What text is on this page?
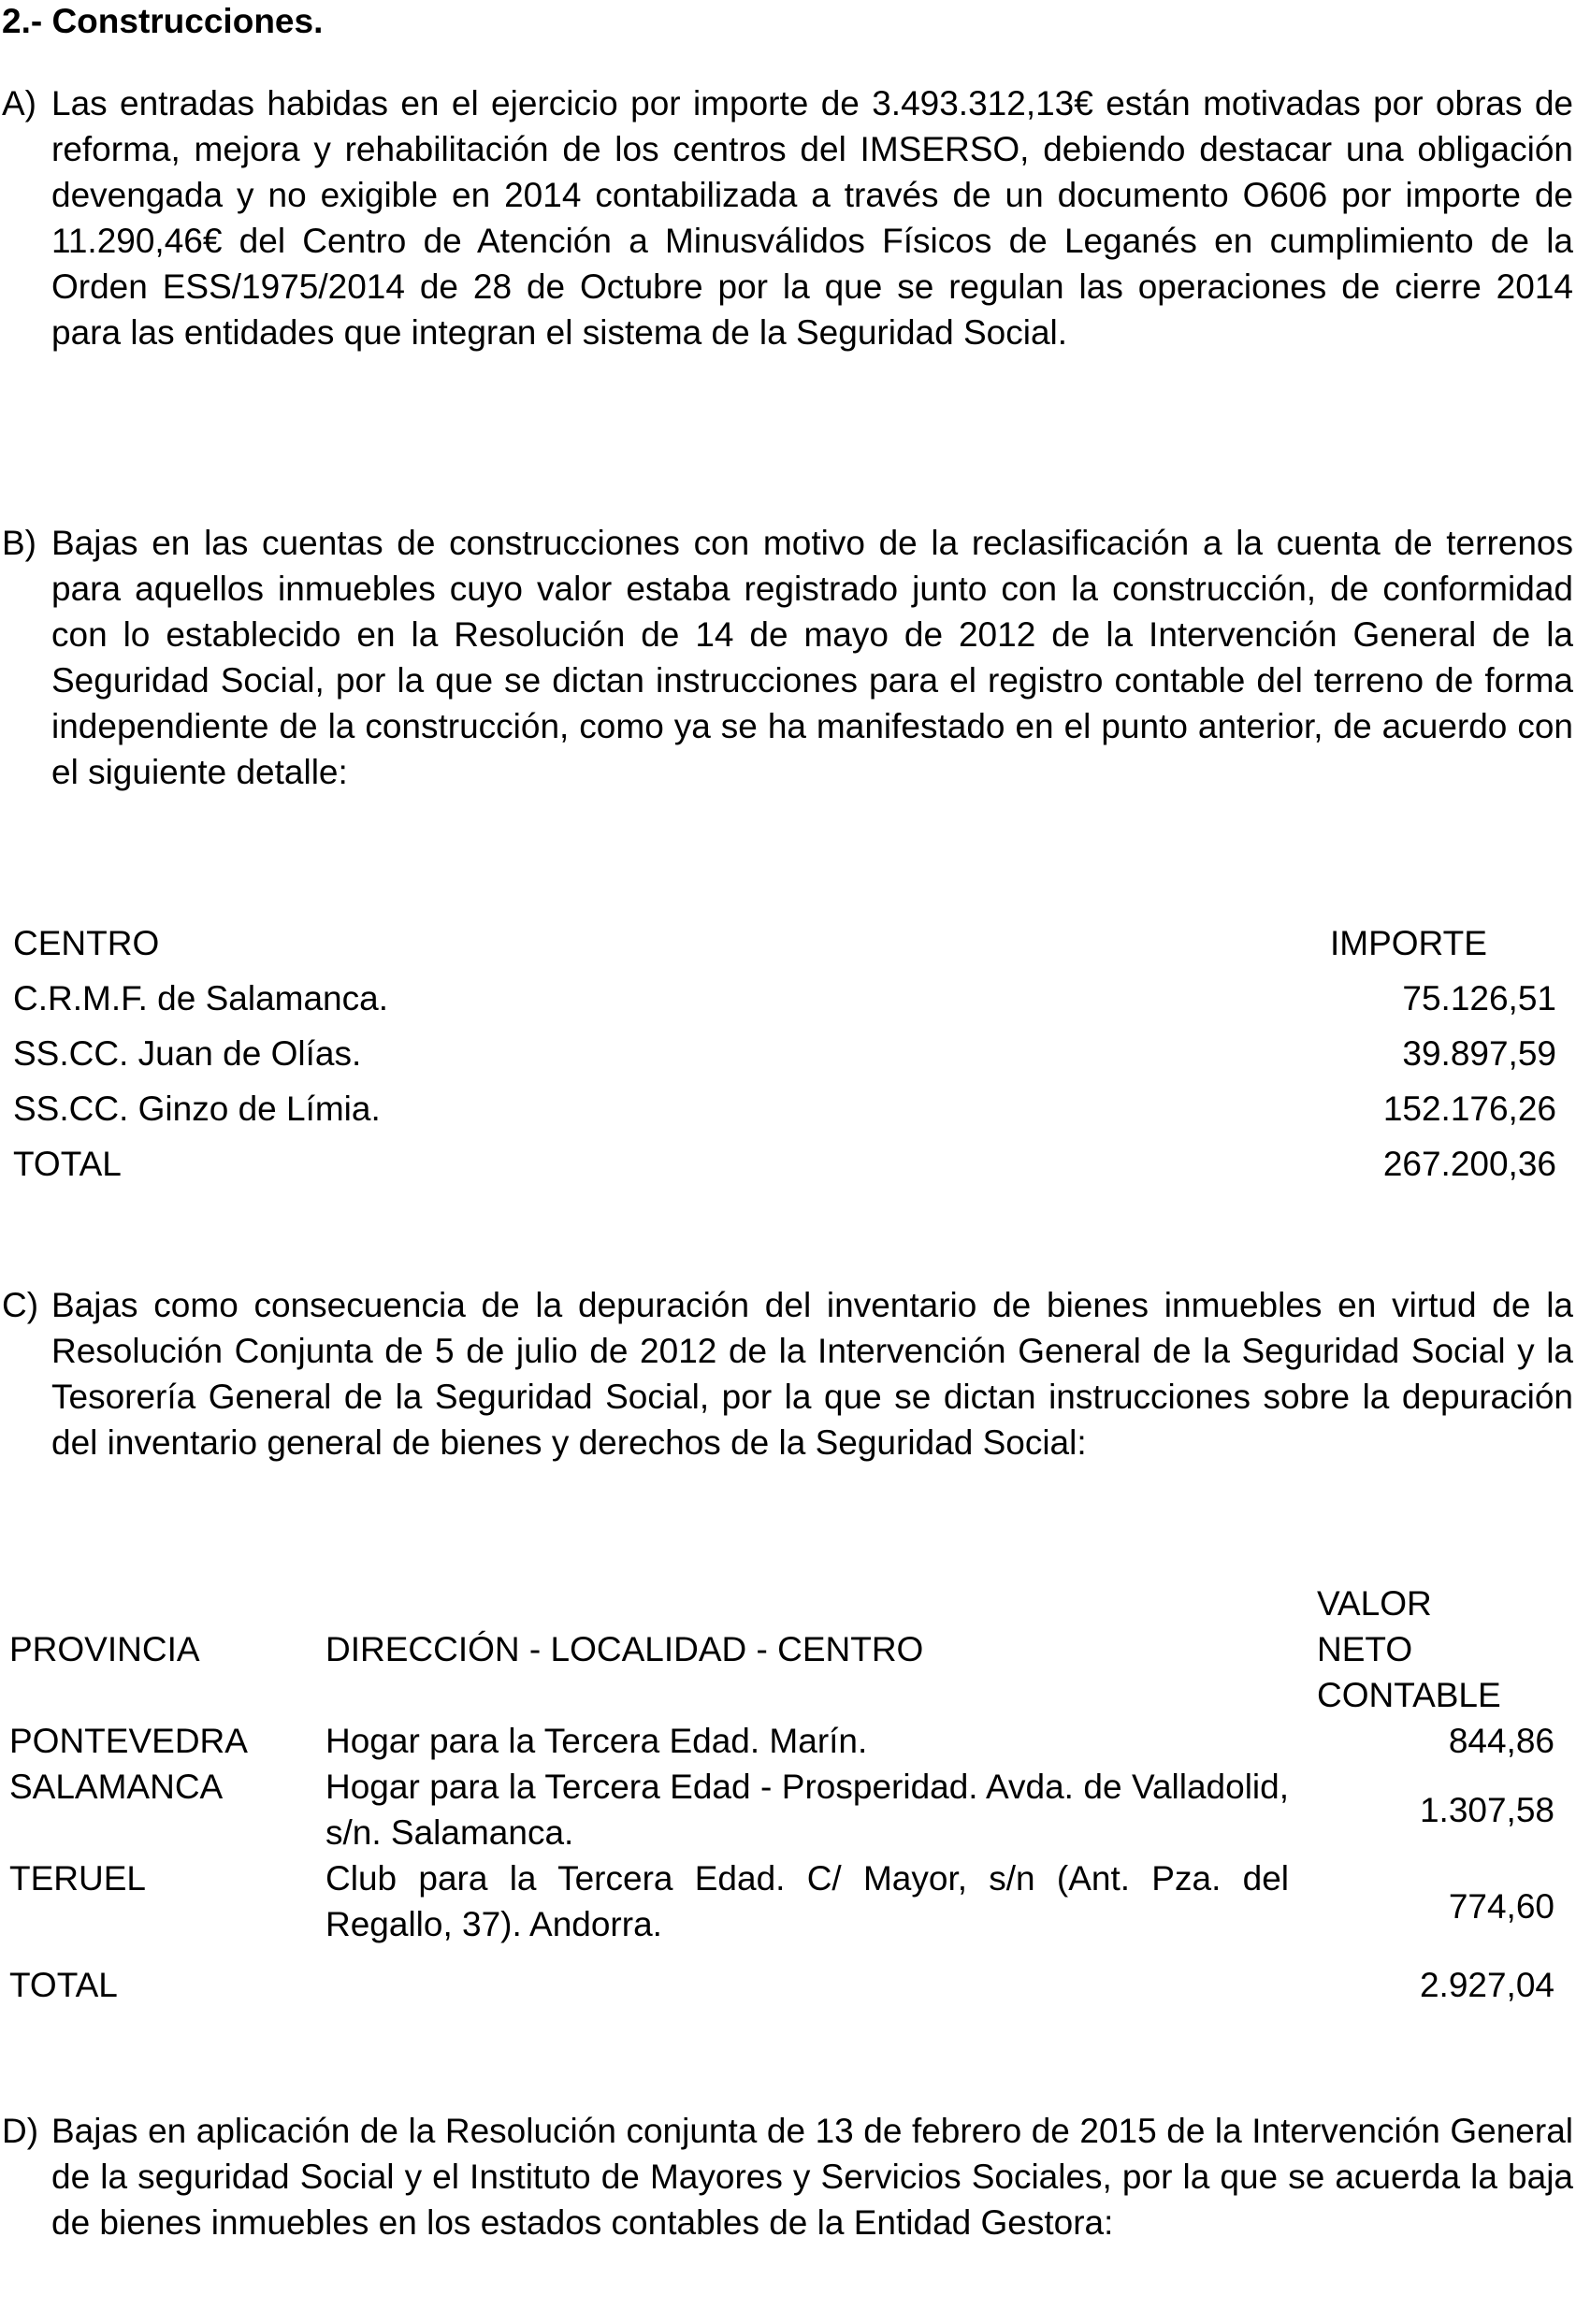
2.- Construcciones.

A) Las entradas habidas en el ejercicio por importe de 3.493.312,13€ están motivadas por obras de reforma, mejora y rehabilitación de los centros del IMSERSO, debiendo destacar una obligación devengada y no exigible en 2014 contabilizada a través de un documento O606 por importe de 11.290,46€ del Centro de Atención a Minusválidos Físicos de Leganés en cumplimiento de la Orden ESS/1975/2014 de 28 de Octubre por la que se regulan las operaciones de cierre 2014 para las entidades que integran el sistema de la Seguridad Social.
B) Bajas en las cuentas de construcciones con motivo de la reclasificación a la cuenta de terrenos para aquellos inmuebles cuyo valor estaba registrado junto con la construcción, de conformidad con lo establecido en la Resolución de 14 de mayo de 2012 de la Intervención General de la Seguridad Social, por la que se dictan instrucciones para el registro contable del terreno de forma independiente de la construcción, como ya se ha manifestado en el punto anterior, de acuerdo con el siguiente detalle:
CENTRO	IMPORTE
C.R.M.F. de Salamanca.	75.126,51
SS.CC. Juan de Olías.	39.897,59
SS.CC. Ginzo de Límia.	152.176,26
TOTAL	267.200,36
C) Bajas como consecuencia de la depuración del inventario de bienes inmuebles en virtud de la Resolución Conjunta de 5 de julio de 2012 de la Intervención General de la Seguridad Social y la Tesorería General de la Seguridad Social, por la que se dictan instrucciones sobre la depuración del inventario general de bienes y derechos de la Seguridad Social:
PROVINCIA	DIRECCIÓN - LOCALIDAD - CENTRO	VALOR
NETO
CONTABLE
PONTEVEDRA	Hogar para la Tercera Edad. Marín.	844,86
SALAMANCA	Hogar para la Tercera Edad - Prosperidad. Avda. de Valladolid, s/n. Salamanca.	1.307,58
TERUEL	Club para la Tercera Edad. C/ Mayor, s/n (Ant. Pza. del Regallo, 37). Andorra.	774,60
TOTAL		2.927,04
D) Bajas en aplicación de la Resolución conjunta de 13 de febrero de 2015 de la Intervención General de la seguridad Social y el Instituto de Mayores y Servicios Sociales, por la que se acuerda la baja de bienes inmuebles en los estados contables de la Entidad Gestora:
